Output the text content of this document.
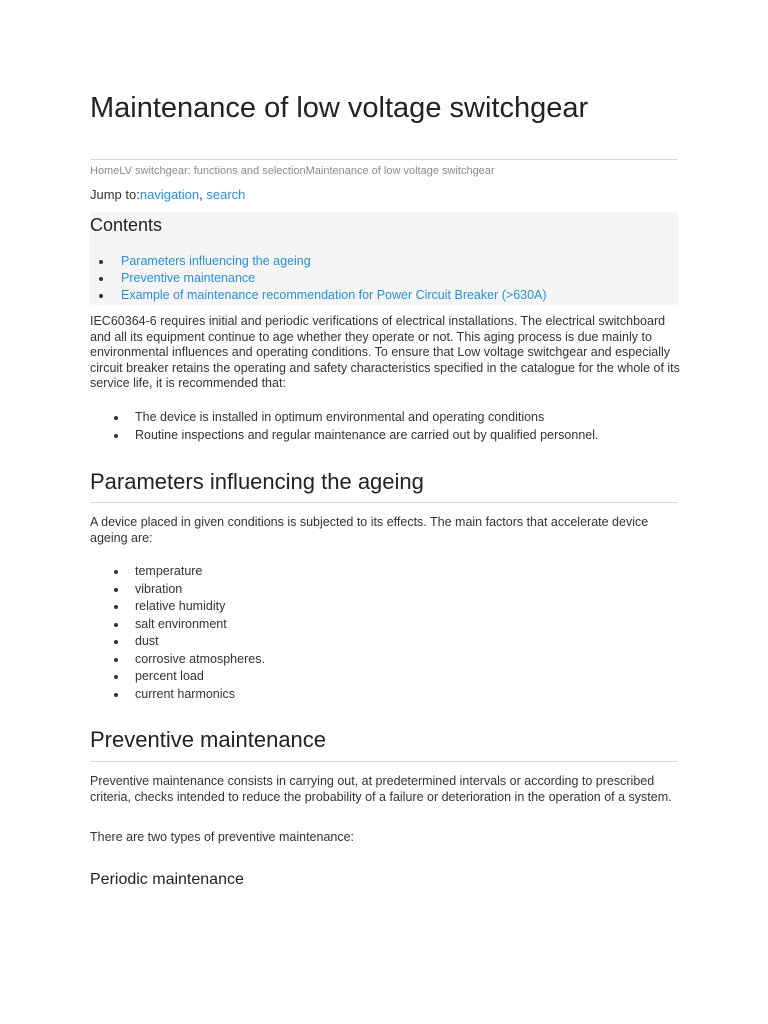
Maintenance of low voltage switchgear
HomeLV switchgear: functions and selectionMaintenance of low voltage switchgear
Jump to:navigation, search
Contents
Parameters influencing the ageing
Preventive maintenance
Example of maintenance recommendation for Power Circuit Breaker (>630A)

IEC60364-6 requires initial and periodic verifications of electrical installations. The electrical switchboard and all its equipment continue to age whether they operate or not. This aging process is due mainly to environmental influences and operating conditions. To ensure that Low voltage switchgear and especially circuit breaker retains the operating and safety characteristics specified in the catalogue for the whole of its service life, it is recommended that:

The device is installed in optimum environmental and operating conditions
Routine inspections and regular maintenance are carried out by qualified personnel.
Parameters influencing the ageing

A device placed in given conditions is subjected to its effects. The main factors that accelerate device ageing are:

temperature
vibration
relative humidity
salt environment
dust
corrosive atmospheres.
percent load
current harmonics
Preventive maintenance

Preventive maintenance consists in carrying out, at predetermined intervals or according to prescribed criteria, checks intended to reduce the probability of a failure or deterioration in the operation of a system.

There are two types of preventive maintenance:

Periodic maintenance
